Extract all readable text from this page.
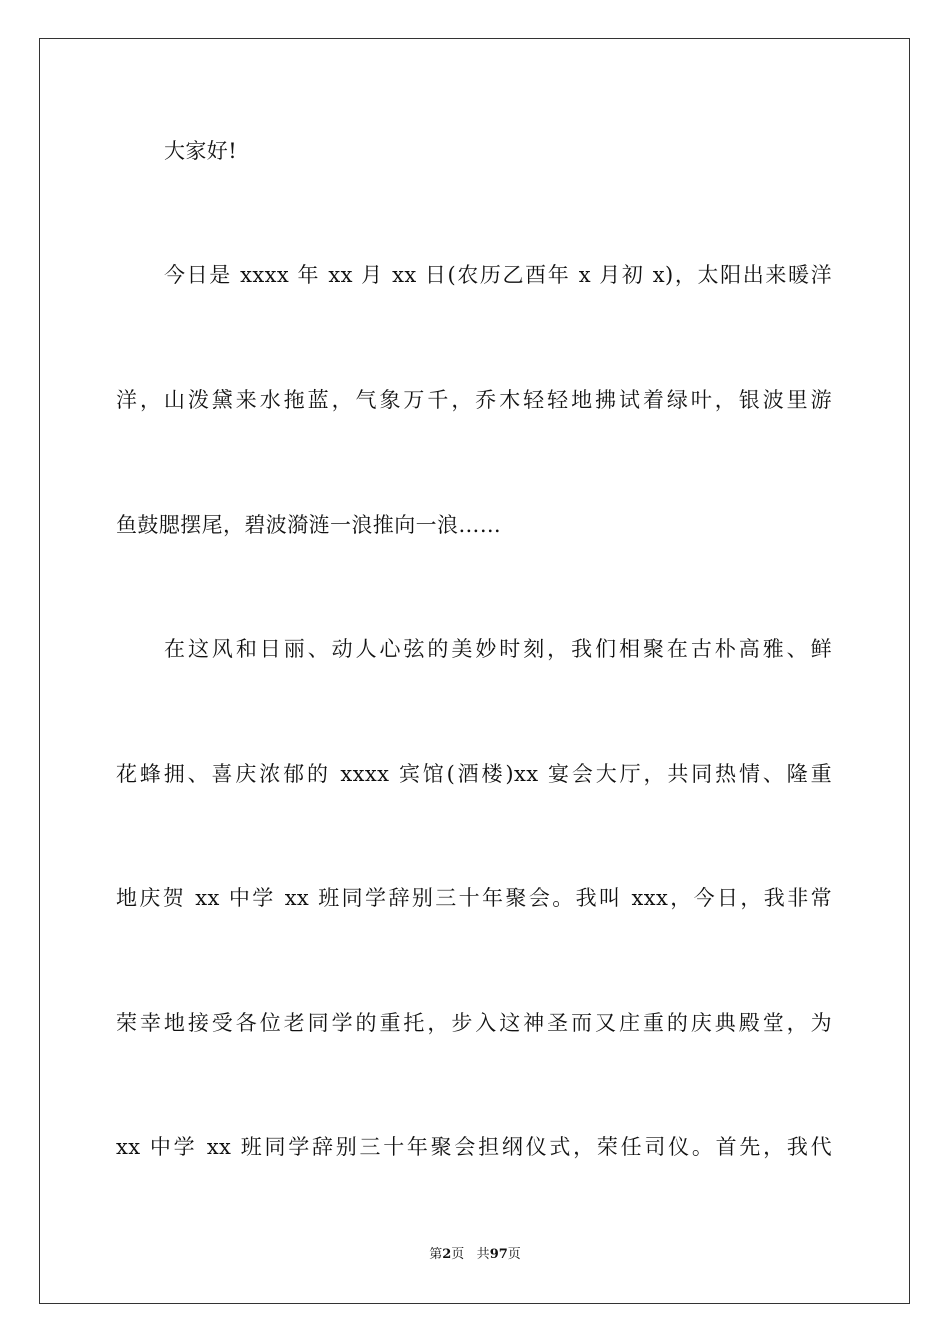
大家好!
今日是 xxxx 年 xx 月 xx 日(农历乙酉年 x 月初 x)，太阳出来暖洋
洋，山泼黛来水拖蓝，气象万千，乔木轻轻地拂试着绿叶，银波里游
鱼鼓腮摆尾，碧波漪涟一浪推向一浪……
在这风和日丽、动人心弦的美妙时刻，我们相聚在古朴高雅、鲜
花蜂拥、喜庆浓郁的 xxxx 宾馆(酒楼)xx 宴会大厅，共同热情、隆重
地庆贺 xx 中学 xx 班同学辞别三十年聚会。我叫 xxx，今日，我非常
荣幸地接受各位老同学的重托，步入这神圣而又庄重的庆典殿堂，为
xx 中学 xx 班同学辞别三十年聚会担纲仪式，荣任司仪。首先，我代
第2页 共97页
